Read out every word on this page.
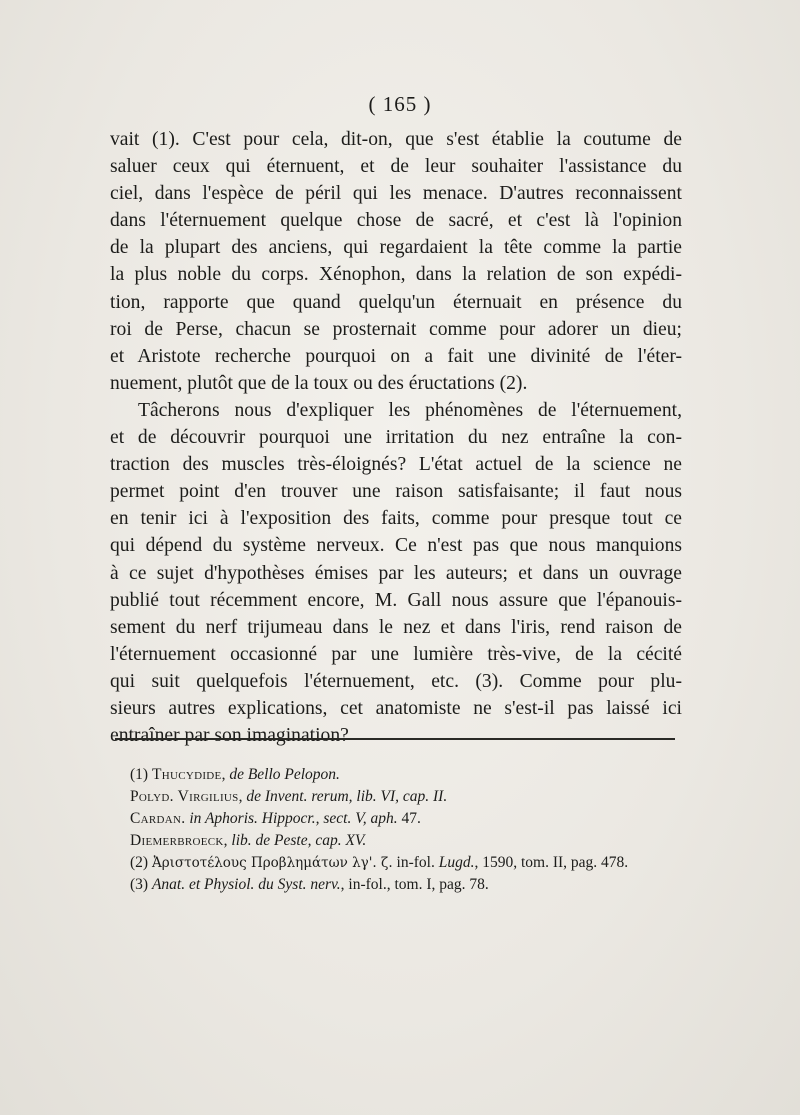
( 165 )
vait (1). C'est pour cela, dit-on, que s'est établie la coutume de
saluer ceux qui éternuent, et de leur souhaiter l'assistance du
ciel, dans l'espèce de péril qui les menace. D'autres reconnaissent
dans l'éternuement quelque chose de sacré, et c'est là l'opinion
de la plupart des anciens, qui regardaient la tête comme la partie
la plus noble du corps. Xénophon, dans la relation de son expédi-
tion, rapporte que quand quelqu'un éternuait en présence du
roi de Perse, chacun se prosternait comme pour adorer un dieu;
et Aristote recherche pourquoi on a fait une divinité de l'éter-
nuement, plutôt que de la toux ou des éructations (2).
Tâcherons nous d'expliquer les phénomènes de l'éternuement,
et de découvrir pourquoi une irritation du nez entraîne la con-
traction des muscles très-éloignés? L'état actuel de la science ne
permet point d'en trouver une raison satisfaisante; il faut nous
en tenir ici à l'exposition des faits, comme pour presque tout ce
qui dépend du système nerveux. Ce n'est pas que nous manquions
à ce sujet d'hypothèses émises par les auteurs; et dans un ouvrage
publié tout récemment encore, M. Gall nous assure que l'épanouis-
sement du nerf trijumeau dans le nez et dans l'iris, rend raison de
l'éternuement occasionné par une lumière très-vive, de la cécité
qui suit quelquefois l'éternuement, etc. (3). Comme pour plu-
sieurs autres explications, cet anatomiste ne s'est-il pas laissé ici
entraîner par son imagination?
(1) Thucydide, de Bello Pelopon.
Polyd. Virgilius, de Invent. rerum, lib. VI, cap. II.
Cardan. in Aphoris. Hippocr., sect. V, aph. 47.
Diemerbroeck, lib. de Peste, cap. XV.
(2) Ἀριστοτέλους Προβλημάτων λγ'. ζ. in-fol. Lugd., 1590, tom. II, pag. 478.
(3) Anat. et Physiol. du Syst. nerv., in-fol., tom. I, pag. 78.
